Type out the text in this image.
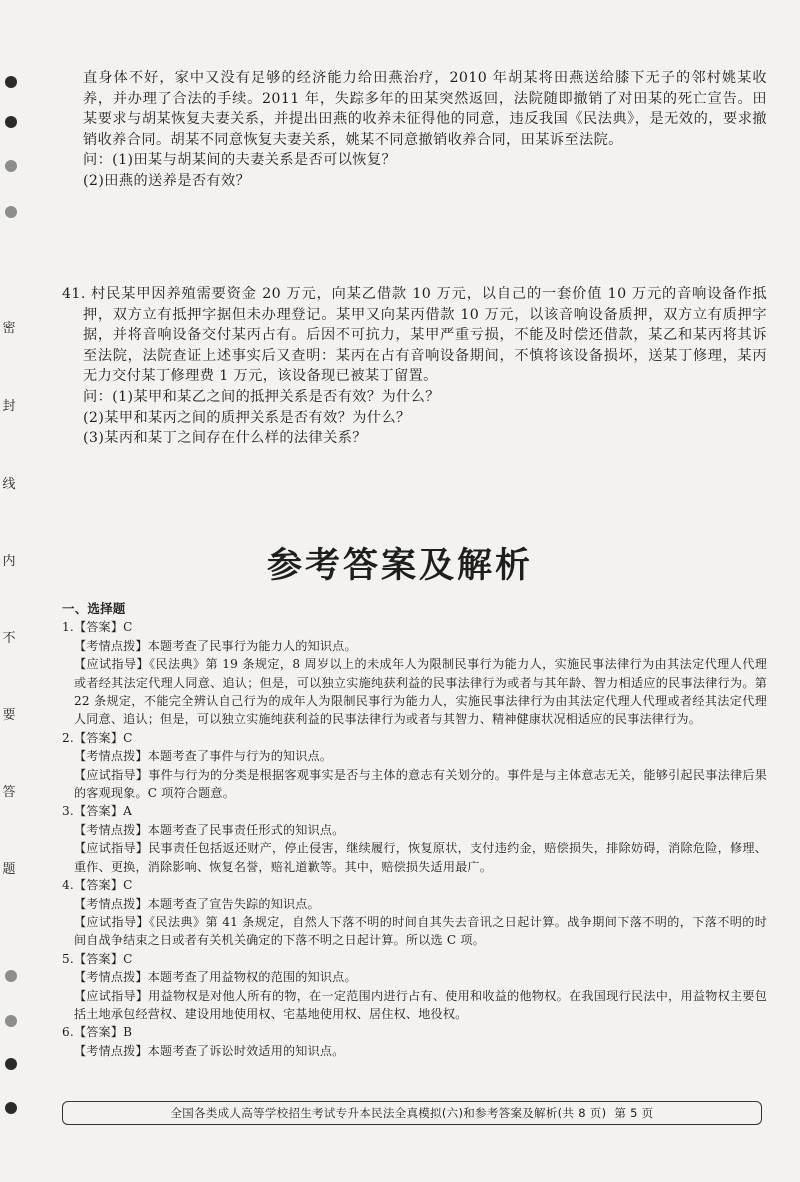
密
封
线
内
不
要
答
题

直身体不好，家中又没有足够的经济能力给田燕治疗，2010 年胡某将田燕送给膝下无子的邻村姚某收养，并办理了合法的手续。2011 年，失踪多年的田某突然返回，法院随即撤销了对田某的死亡宣告。田某要求与胡某恢复夫妻关系，并提出田燕的收养未征得他的同意，违反我国《民法典》，是无效的，要求撤销收养合同。胡某不同意恢复夫妻关系，姚某不同意撤销收养合同，田某诉至法院。

问：(1)田某与胡某间的夫妻关系是否可以恢复？

(2)田燕的送养是否有效？

41. 村民某甲因养殖需要资金 20 万元，向某乙借款 10 万元，以自己的一套价值 10 万元的音响设备作抵押，双方立有抵押字据但未办理登记。某甲又向某丙借款 10 万元，以该音响设备质押，双方立有质押字据，并将音响设备交付某丙占有。后因不可抗力，某甲严重亏损，不能及时偿还借款，某乙和某丙将其诉至法院，法院查证上述事实后又查明：某丙在占有音响设备期间，不慎将该设备损坏，送某丁修理，某丙无力交付某丁修理费 1 万元，该设备现已被某丁留置。

问：(1)某甲和某乙之间的抵押关系是否有效？为什么？

(2)某甲和某丙之间的质押关系是否有效？为什么？

(3)某丙和某丁之间存在什么样的法律关系？

参考答案及解析

一、选择题

1.【答案】C

【考情点拨】本题考查了民事行为能力人的知识点。

【应试指导】《民法典》第 19 条规定，8 周岁以上的未成年人为限制民事行为能力人，实施民事法律行为由其法定代理人代理或者经其法定代理人同意、追认；但是，可以独立实施纯获利益的民事法律行为或者与其年龄、智力相适应的民事法律行为。第 22 条规定，不能完全辨认自己行为的成年人为限制民事行为能力人，实施民事法律行为由其法定代理人代理或者经其法定代理人同意、追认；但是，可以独立实施纯获利益的民事法律行为或者与其智力、精神健康状况相适应的民事法律行为。

2.【答案】C

【考情点拨】本题考查了事件与行为的知识点。

【应试指导】事件与行为的分类是根据客观事实是否与主体的意志有关划分的。事件是与主体意志无关，能够引起民事法律后果的客观现象。C 项符合题意。

3.【答案】A

【考情点拨】本题考查了民事责任形式的知识点。

【应试指导】民事责任包括返还财产，停止侵害，继续履行，恢复原状，支付违约金，赔偿损失，排除妨碍，消除危险，修理、重作、更换，消除影响、恢复名誉，赔礼道歉等。其中，赔偿损失适用最广。

4.【答案】C

【考情点拨】本题考查了宣告失踪的知识点。

【应试指导】《民法典》第 41 条规定，自然人下落不明的时间自其失去音讯之日起计算。战争期间下落不明的，下落不明的时间自战争结束之日或者有关机关确定的下落不明之日起计算。所以选 C 项。

5.【答案】C

【考情点拨】本题考查了用益物权的范围的知识点。

【应试指导】用益物权是对他人所有的物，在一定范围内进行占有、使用和收益的他物权。在我国现行民法中，用益物权主要包括土地承包经营权、建设用地使用权、宅基地使用权、居住权、地役权。

6.【答案】B

【考情点拨】本题考查了诉讼时效适用的知识点。

全国各类成人高等学校招生考试专升本民法全真模拟(六)和参考答案及解析(共 8 页) 第 5 页
